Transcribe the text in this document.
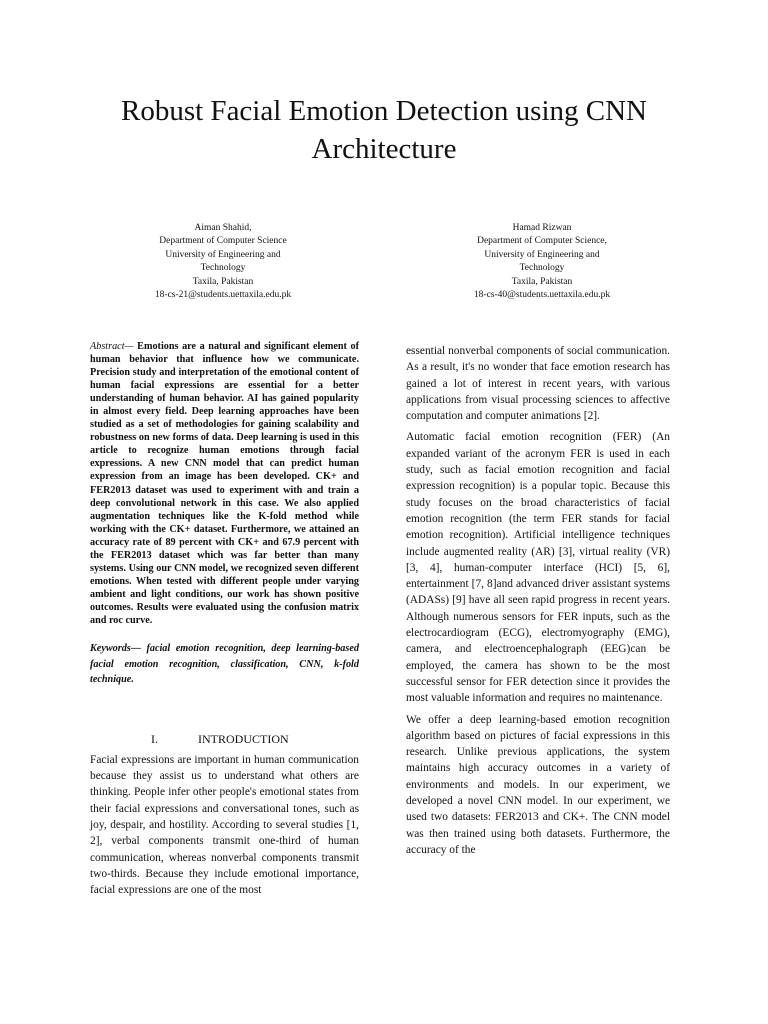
Robust Facial Emotion Detection using CNN Architecture
Aiman Shahid,
Department of Computer Science
University of Engineering and
Technology
Taxila, Pakistan
18-cs-21@students.uettaxila.edu.pk
Hamad Rizwan
Department of Computer Science,
University of Engineering and
Technology
Taxila, Pakistan
18-cs-40@students.uettaxila.edu.pk

Abstract— Emotions are a natural and significant element of human behavior that influence how we communicate. Precision study and interpretation of the emotional content of human facial expressions are essential for a better understanding of human behavior. AI has gained popularity in almost every field. Deep learning approaches have been studied as a set of methodologies for gaining scalability and robustness on new forms of data. Deep learning is used in this article to recognize human emotions through facial expressions. A new CNN model that can predict human expression from an image has been developed. CK+ and FER2013 dataset was used to experiment with and train a deep convolutional network in this case. We also applied augmentation techniques like the K-fold method while working with the CK+ dataset. Furthermore, we attained an accuracy rate of 89 percent with CK+ and 67.9 percent with the FER2013 dataset which was far better than many systems. Using our CNN model, we recognized seven different emotions. When tested with different people under varying ambient and light conditions, our work has shown positive outcomes. Results were evaluated using the confusion matrix and roc curve.

Keywords— facial emotion recognition, deep learning-based facial emotion recognition, classification, CNN, k-fold technique.

I.	INTRODUCTION

Facial expressions are important in human communication because they assist us to understand what others are thinking. People infer other people's emotional states from their facial expressions and conversational tones, such as joy, despair, and hostility. According to several studies [1, 2], verbal components transmit one-third of human communication, whereas nonverbal components transmit two-thirds. Because they include emotional importance, facial expressions are one of the most

essential nonverbal components of social communication. As a result, it's no wonder that face emotion research has gained a lot of interest in recent years, with various applications from visual processing sciences to affective computation and computer animations [2].

Automatic facial emotion recognition (FER) (An expanded variant of the acronym FER is used in each study, such as facial emotion recognition and facial expression recognition) is a popular topic. Because this study focuses on the broad characteristics of facial emotion recognition (the term FER stands for facial emotion recognition). Artificial intelligence techniques include augmented reality (AR) [3], virtual reality (VR) [3, 4], human-computer interface (HCI) [5, 6], entertainment [7, 8]and advanced driver assistant systems (ADASs) [9] have all seen rapid progress in recent years. Although numerous sensors for FER inputs, such as the electrocardiogram (ECG), electromyography (EMG), camera, and electroencephalograph (EEG)can be employed, the camera has shown to be the most successful sensor for FER detection since it provides the most valuable information and requires no maintenance.

We offer a deep learning-based emotion recognition algorithm based on pictures of facial expressions in this research. Unlike previous applications, the system maintains high accuracy outcomes in a variety of environments and models. In our experiment, we developed a novel CNN model. In our experiment, we used two datasets: FER2013 and CK+. The CNN model was then trained using both datasets. Furthermore, the accuracy of the
